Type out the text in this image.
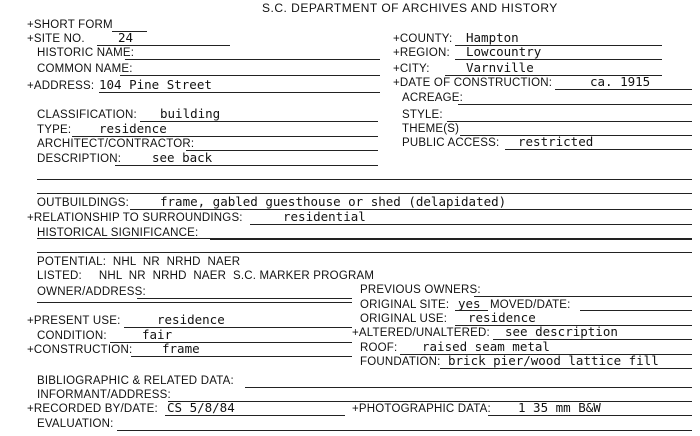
S.C. DEPARTMENT OF ARCHIVES AND HISTORY
+SHORT FORM
+SITE NO.	24
HISTORIC NAME:
COMMON NAME:
+ADDRESS: 104 Pine Street
CLASSIFICATION: building
TYPE: residence
ARCHITECT/CONTRACTOR:
DESCRIPTION: see back
+COUNTY: Hampton
+REGION: Lowcountry
+CITY:	Varnville
+DATE OF CONSTRUCTION:	ca. 1915
ACREAGE:
STYLE:
THEME(S)
PUBLIC ACCESS: restricted
OUTBUILDINGS: frame, gabled guesthouse or shed (delapidated)
+RELATIONSHIP TO SURROUNDINGS:	residential
HISTORICAL SIGNIFICANCE:
OWNER/ADDRESS:
+PRESENT USE:	residence
CONDITION:	fair
+CONSTRUCTION: frame
PREVIOUS OWNERS:
ORIGINAL USE: residence
+ALTERED/UNALTERED: see description
ROOF: raised seam metal
FOUNDATION: brick pier/wood lattice fill
BIBLIOGRAPHIC & RELATED DATA:
INFORMANT/ADDRESS:
+RECORDED BY/DATE: CS 5/8/84	+PHOTOGRAPHIC DATA: 1 35 mm B&W
EVALUATION:
POTENTIAL:  NHL  NR  NRHD  NAER
LISTED:     NHL  NR  NRHD  NAER  S.C. MARKER PROGRAM
ORIGINAL SITE: yes MOVED/DATE:
